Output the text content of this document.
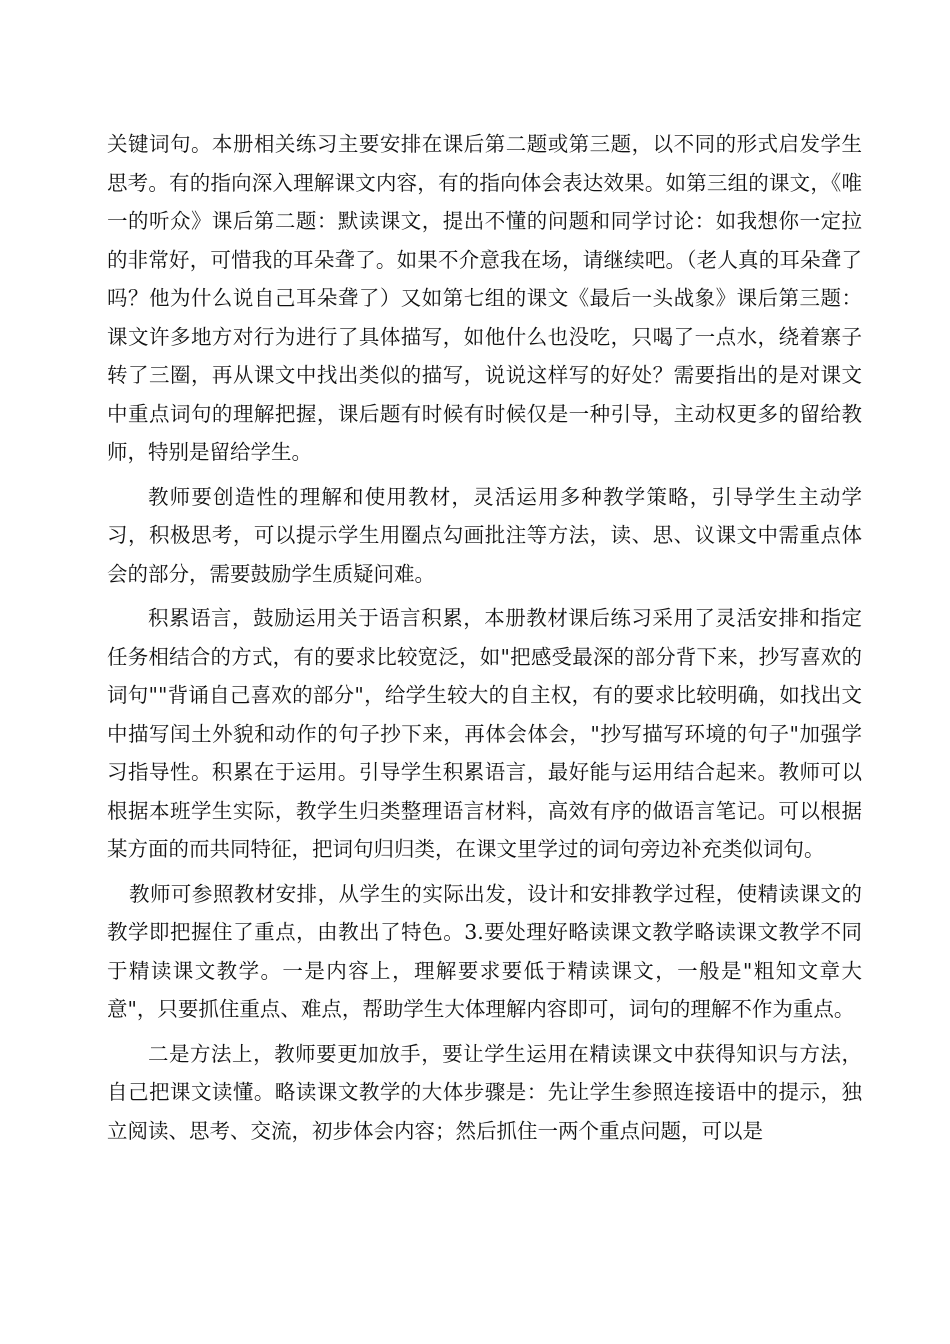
关键词句。本册相关练习主要安排在课后第二题或第三题，以不同的形式启发学生思考。有的指向深入理解课文内容，有的指向体会表达效果。如第三组的课文，《唯一的听众》课后第二题：默读课文，提出不懂的问题和同学讨论：如我想你一定拉的非常好，可惜我的耳朵聋了。如果不介意我在场，请继续吧。（老人真的耳朵聋了吗？他为什么说自己耳朵聋了）又如第七组的课文《最后一头战象》课后第三题：课文许多地方对行为进行了具体描写，如他什么也没吃，只喝了一点水，绕着寨子转了三圈，再从课文中找出类似的描写，说说这样写的好处？需要指出的是对课文中重点词句的理解把握，课后题有时候有时候仅是一种引导，主动权更多的留给教师，特别是留给学生。

教师要创造性的理解和使用教材，灵活运用多种教学策略，引导学生主动学习，积极思考，可以提示学生用圈点勾画批注等方法，读、思、议课文中需重点体会的部分，需要鼓励学生质疑问难。

积累语言，鼓励运用关于语言积累，本册教材课后练习采用了灵活安排和指定任务相结合的方式，有的要求比较宽泛，如"把感受最深的部分背下来，抄写喜欢的词句""背诵自己喜欢的部分"，给学生较大的自主权，有的要求比较明确，如找出文中描写闰土外貌和动作的句子抄下来，再体会体会，"抄写描写环境的句子"加强学习指导性。积累在于运用。引导学生积累语言，最好能与运用结合起来。教师可以根据本班学生实际，教学生归类整理语言材料，高效有序的做语言笔记。可以根据某方面的而共同特征，把词句归归类，在课文里学过的词句旁边补充类似词句。

教师可参照教材安排，从学生的实际出发，设计和安排教学过程，使精读课文的教学即把握住了重点，由教出了特色。3.要处理好略读课文教学略读课文教学不同于精读课文教学。一是内容上，理解要求要低于精读课文，一般是"粗知文章大意"，只要抓住重点、难点，帮助学生大体理解内容即可，词句的理解不作为重点。

二是方法上，教师要更加放手，要让学生运用在精读课文中获得知识与方法，自己把课文读懂。略读课文教学的大体步骤是：先让学生参照连接语中的提示，独立阅读、思考、交流，初步体会内容；然后抓住一两个重点问题，可以是
